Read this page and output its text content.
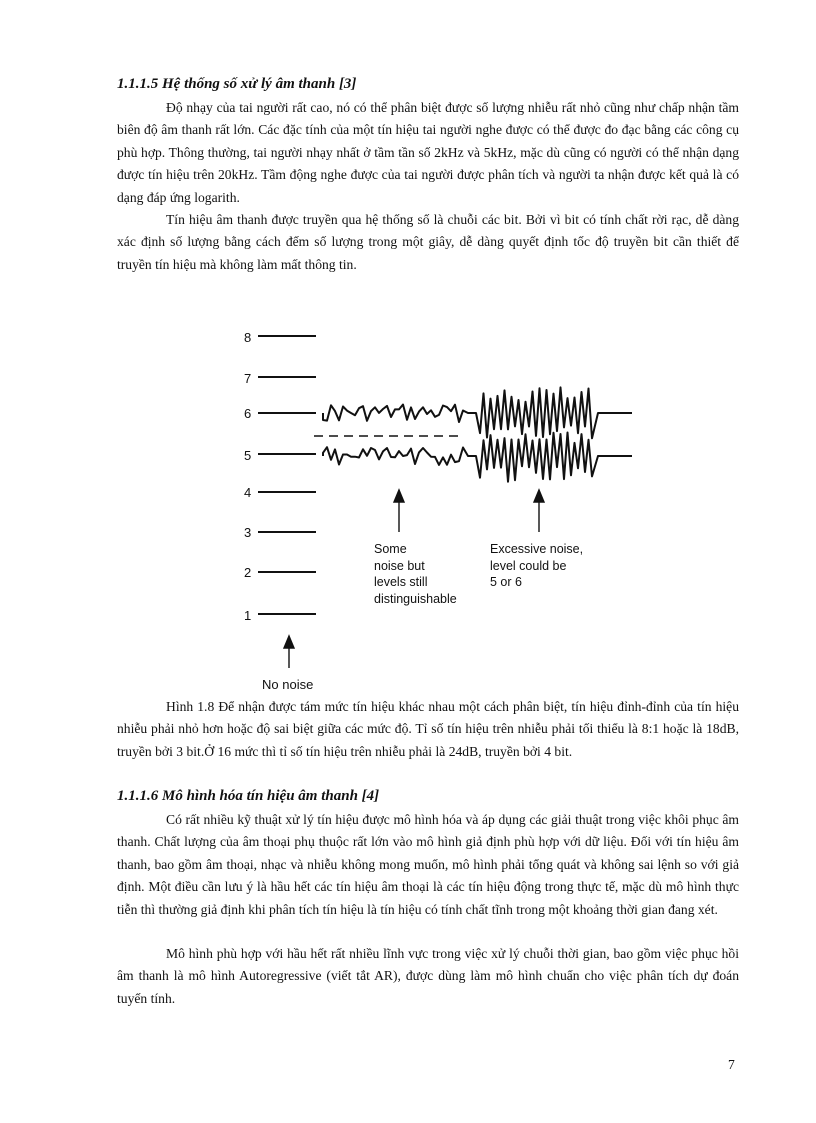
1.1.1.5 Hệ thống số xử lý âm thanh [3]

Độ nhạy của tai người rất cao, nó có thể phân biệt được số lượng nhiễu rất nhỏ cũng như chấp nhận tầm biên độ âm thanh rất lớn. Các đặc tính của một tín hiệu tai người nghe được có thể được đo đạc bằng các công cụ phù hợp. Thông thường, tai người nhạy nhất ở tầm tần số 2kHz và 5kHz, mặc dù cũng có người có thể nhận dạng được tín hiệu trên 20kHz. Tầm động nghe được của tai người được phân tích và người ta nhận được kết quả là có dạng đáp ứng logarith.

Tín hiệu âm thanh được truyền qua hệ thống số là chuỗi các bit. Bởi vì bit có tính chất rời rạc, dễ dàng xác định số lượng bằng cách đếm số lượng trong một giây, dễ dàng quyết định tốc độ truyền bit cần thiết để truyền tín hiệu mà không làm mất thông tin.

8
7
6
5
4
3
2
1
Some
noise but
levels still
distinguishable
Excessive noise,
level could be
5 or 6
No noise

Hình 1.8 Để nhận được tám mức tín hiệu khác nhau một cách phân biệt, tín hiệu đỉnh-đỉnh của tín hiệu nhiễu phải nhỏ hơn hoặc độ sai biệt giữa các mức độ. Tỉ số tín hiệu trên nhiễu phải tối thiểu là 8:1 hoặc là 18dB, truyền bởi 3 bit.Ở 16 mức thì tỉ số tín hiệu trên nhiễu phải là 24dB, truyền bởi 4 bit.

1.1.1.6 Mô hình hóa tín hiệu âm thanh [4]

Có rất nhiều kỹ thuật xử lý tín hiệu được mô hình hóa và áp dụng các giải thuật trong việc khôi phục âm thanh. Chất lượng của âm thoại phụ thuộc rất lớn vào mô hình giả định phù hợp với dữ liệu. Đối với tín hiệu âm thanh, bao gồm âm thoại, nhạc và nhiễu không mong muốn, mô hình phải tổng quát và không sai lệnh so với giả định. Một điều cần lưu ý là hầu hết các tín hiệu âm thoại là các tín hiệu động trong thực tế, mặc dù mô hình thực tiễn thì thường giả định khi phân tích tín hiệu là tín hiệu có tính chất tĩnh trong một khoảng thời gian đang xét.

Mô hình phù hợp với hầu hết rất nhiều lĩnh vực trong việc xử lý chuỗi thời gian, bao gồm việc phục hồi âm thanh là mô hình Autoregressive (viết tắt AR), được dùng làm mô hình chuẩn cho việc phân tích dự đoán tuyến tính.

7
